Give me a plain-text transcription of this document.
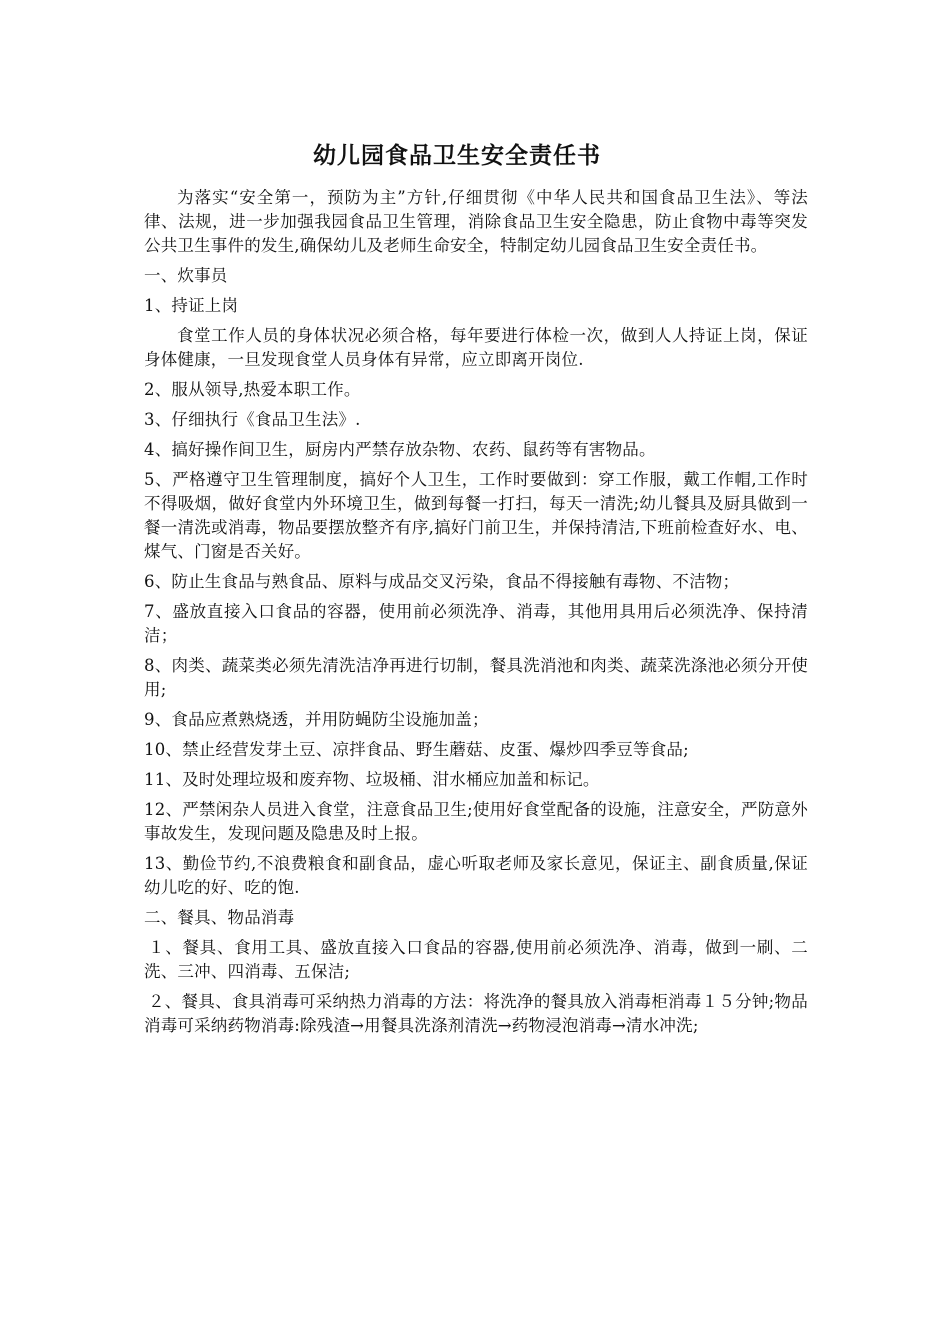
幼儿园食品卫生安全责任书

为落实“安全第一，预防为主”方针,仔细贯彻《中华人民共和国食品卫生法》、等法律、法规，进一步加强我园食品卫生管理，消除食品卫生安全隐患，防止食物中毒等突发公共卫生事件的发生,确保幼儿及老师生命安全，特制定幼儿园食品卫生安全责任书。

一、炊事员

1、持证上岗

食堂工作人员的身体状况必须合格，每年要进行体检一次，做到人人持证上岗，保证身体健康，一旦发现食堂人员身体有异常，应立即离开岗位.

2、服从领导,热爱本职工作。

3、仔细执行《食品卫生法》.

4、搞好操作间卫生，厨房内严禁存放杂物、农药、鼠药等有害物品。

5、严格遵守卫生管理制度，搞好个人卫生，工作时要做到：穿工作服，戴工作帽,工作时不得吸烟，做好食堂内外环境卫生，做到每餐一打扫，每天一清洗;幼儿餐具及厨具做到一餐一清洗或消毒，物品要摆放整齐有序,搞好门前卫生，并保持清洁,下班前检查好水、电、煤气、门窗是否关好。

6、防止生食品与熟食品、原料与成品交叉污染，食品不得接触有毒物、不洁物；

7、盛放直接入口食品的容器，使用前必须洗净、消毒，其他用具用后必须洗净、保持清洁；

8、肉类、蔬菜类必须先清洗洁净再进行切制，餐具洗消池和肉类、蔬菜洗涤池必须分开使用;

9、食品应煮熟烧透，并用防蝇防尘设施加盖；

10、禁止经营发芽土豆、凉拌食品、野生蘑菇、皮蛋、爆炒四季豆等食品;

11、及时处理垃圾和废弃物、垃圾桶、泔水桶应加盖和标记。

12、严禁闲杂人员进入食堂，注意食品卫生;使用好食堂配备的设施，注意安全，严防意外事故发生，发现问题及隐患及时上报。

13、勤俭节约,不浪费粮食和副食品，虚心听取老师及家长意见，保证主、副食质量,保证幼儿吃的好、吃的饱.

二、餐具、物品消毒

１、餐具、食用工具、盛放直接入口食品的容器,使用前必须洗净、消毒，做到一刷、二洗、三冲、四消毒、五保洁;

２、餐具、食具消毒可采纳热力消毒的方法：将洗净的餐具放入消毒柜消毒１５分钟;物品消毒可采纳药物消毒:除残渣→用餐具洗涤剂清洗→药物浸泡消毒→清水冲洗;
